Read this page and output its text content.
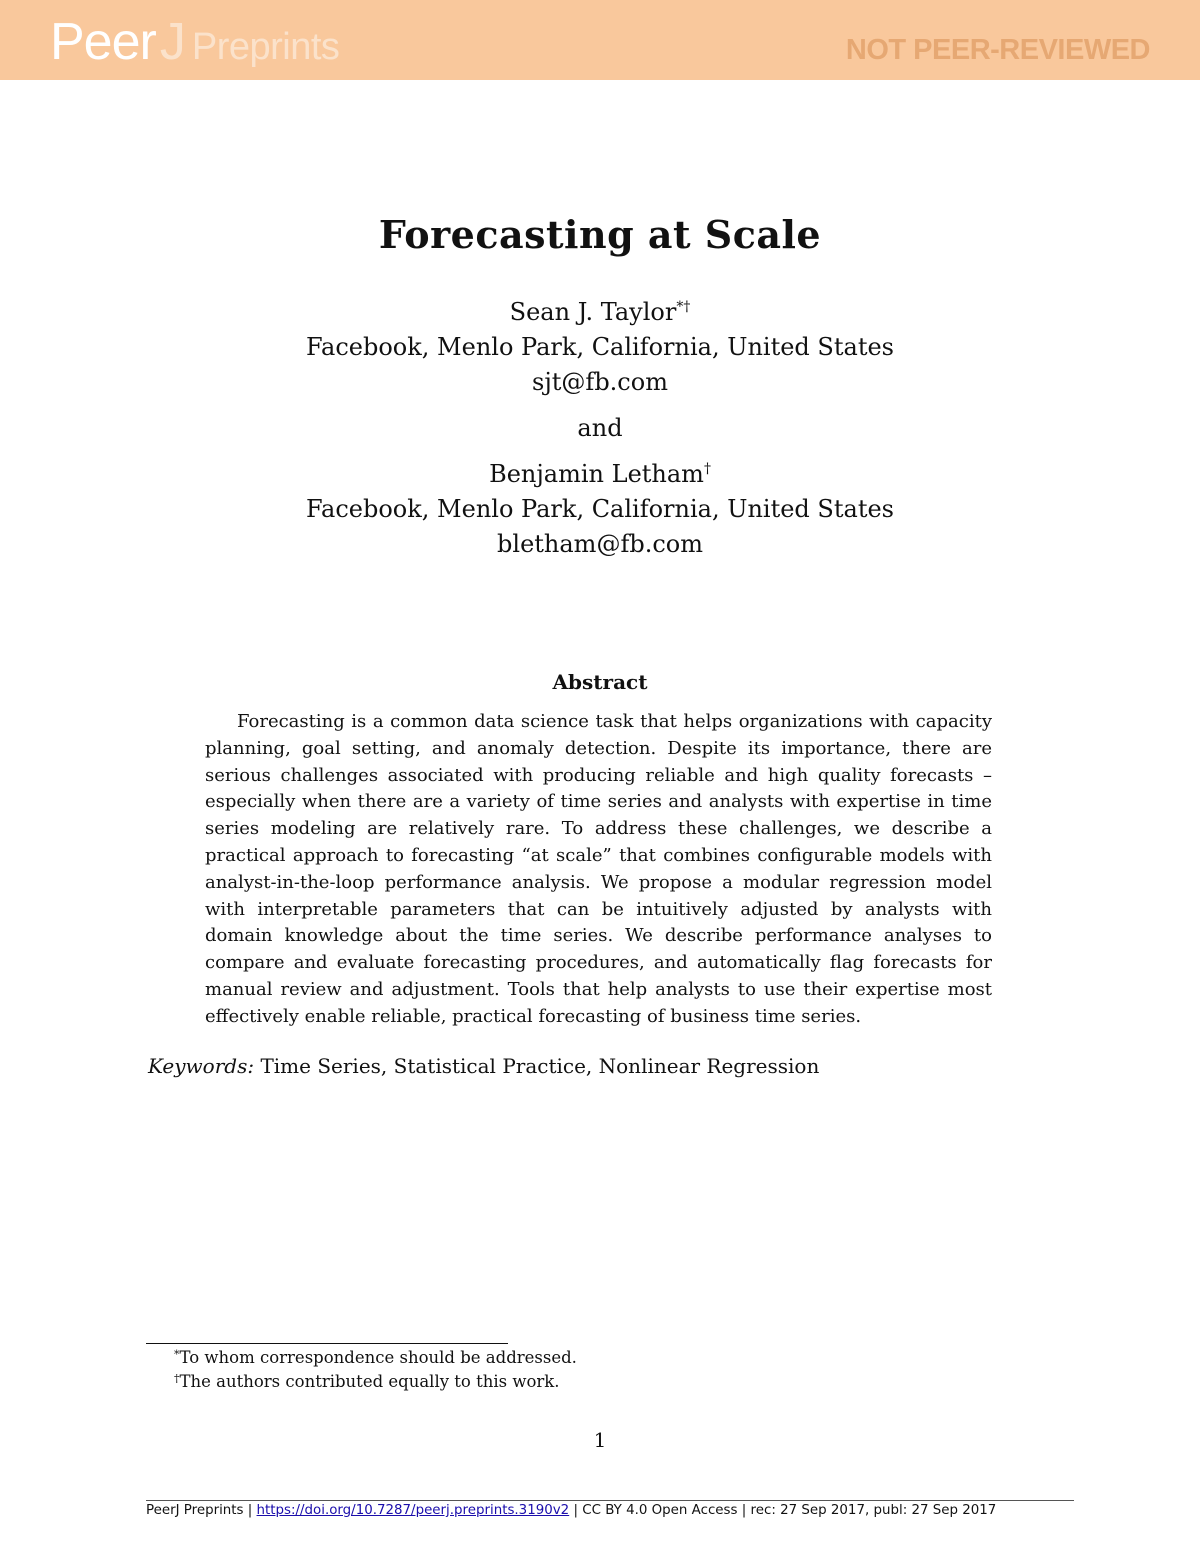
Peer J Preprints	NOT PEER-REVIEWED
Forecasting at Scale
Sean J. Taylor*†
Facebook, Menlo Park, California, United States
sjt@fb.com
and
Benjamin Letham†
Facebook, Menlo Park, California, United States
bletham@fb.com
Abstract

Forecasting is a common data science task that helps organizations with capacity planning, goal setting, and anomaly detection. Despite its importance, there are serious challenges associated with producing reliable and high quality forecasts – especially when there are a variety of time series and analysts with expertise in time series modeling are relatively rare. To address these challenges, we describe a practical approach to forecasting “at scale” that combines configurable models with analyst-in-the-loop performance analysis. We propose a modular regression model with interpretable parameters that can be intuitively adjusted by analysts with domain knowledge about the time series. We describe performance analyses to compare and evaluate forecasting procedures, and automatically flag forecasts for manual review and adjustment. Tools that help analysts to use their expertise most effectively enable reliable, practical forecasting of business time series.

Keywords: Time Series, Statistical Practice, Nonlinear Regression
*To whom correspondence should be addressed.
†The authors contributed equally to this work.
1
PeerJ Preprints | https://doi.org/10.7287/peerj.preprints.3190v2 | CC BY 4.0 Open Access | rec: 27 Sep 2017, publ: 27 Sep 2017
